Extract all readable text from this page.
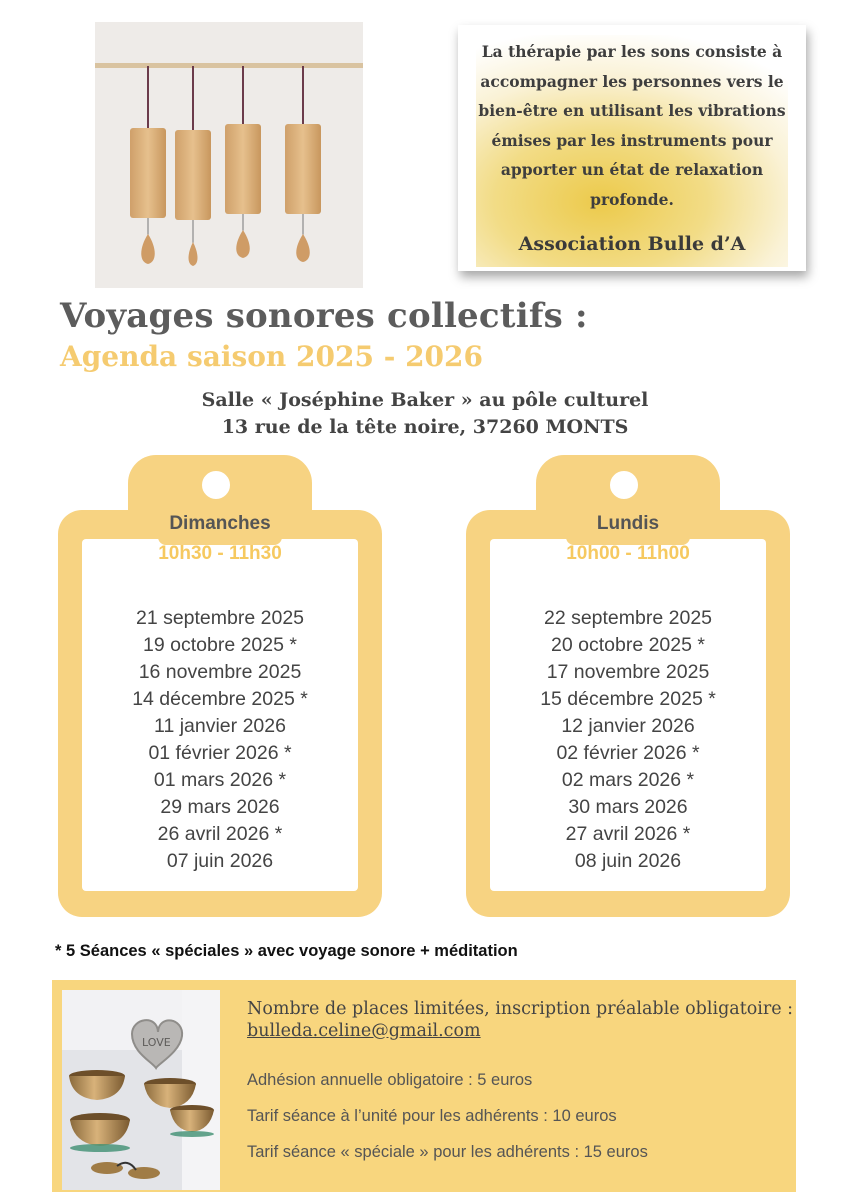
La thérapie par les sons consiste à
accompagner les personnes vers le
bien-être en utilisant les vibrations
émises par les instruments pour
apporter un état de relaxation
profonde.

Association Bulle d’A
Voyages sonores collectifs :
Agenda saison 2025 - 2026

Salle « Joséphine Baker » au pôle culturel

13 rue de la tête noire, 37260 MONTS

Dimanches

10h30 - 11h30

21 septembre 2025
19 octobre 2025 *
16 novembre 2025
14 décembre 2025 *
11 janvier 2026
01 février 2026 *
01 mars 2026 *
29 mars 2026
26 avril 2026 *
07 juin 2026

Lundis

10h00 - 11h00

22 septembre 2025
20 octobre 2025 *
17 novembre 2025
15 décembre 2025 *
12 janvier 2026
02 février 2026 *
02 mars 2026 *
30 mars 2026
27 avril 2026 *
08 juin 2026

* 5 Séances « spéciales » avec voyage sonore + méditation

LOVE

Nombre de places limitées, inscription préalable obligatoire :

bulleda.celine@gmail.com

Adhésion annuelle obligatoire : 5 euros

Tarif séance à l’unité pour les adhérents : 10 euros

Tarif séance « spéciale » pour les adhérents : 15 euros
